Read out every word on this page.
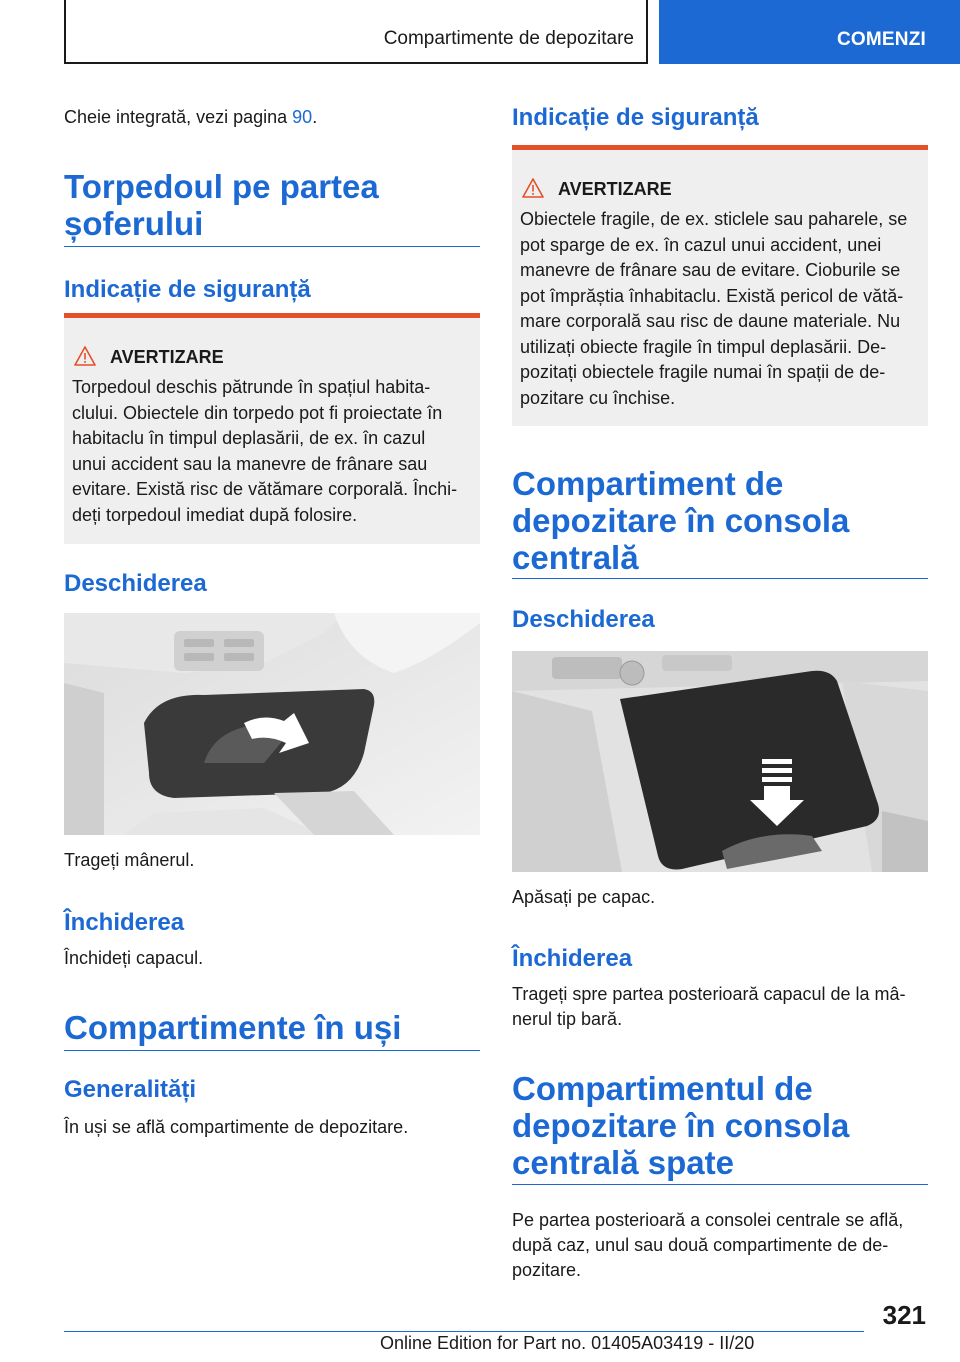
Compartimente de depozitare	COMENZI
Cheie integrată, vezi pagina 90.
Torpedoul pe partea șoferului
Indicație de siguranță
AVERTIZARE
Torpedoul deschis pătrunde în spațiul habita-
clului. Obiectele din torpedo pot fi proiectate în
habitaclu în timpul deplasării, de ex. în cazul
unui accident sau la manevre de frânare sau
evitare. Există risc de vătămare corporală. Închi-
deți torpedoul imediat după folosire.
Deschiderea
Trageți mânerul.
Închiderea
Închideți capacul.
Compartimente în uși
Generalități
În uși se află compartimente de depozitare.
Indicație de siguranță
AVERTIZARE
Obiectele fragile, de ex. sticlele sau paharele, se
pot sparge de ex. în cazul unui accident, unei
manevre de frânare sau de evitare. Cioburile se
pot împrăștia înhabitaclu. Există pericol de vătă-
mare corporală sau risc de daune materiale. Nu
utilizați obiecte fragile în timpul deplasării. De-
pozitați obiectele fragile numai în spații de de-
pozitare cu închise.
Compartiment de depozitare în consola centrală
Deschiderea
Apăsați pe capac.
Închiderea
Trageți spre partea posterioară capacul de la mâ-
nerul tip bară.
Compartimentul de depozitare în consola centrală spate
Pe partea posterioară a consolei centrale se află,
după caz, unul sau două compartimente de de-
pozitare.
321
Online Edition for Part no. 01405A03419 - II/20
